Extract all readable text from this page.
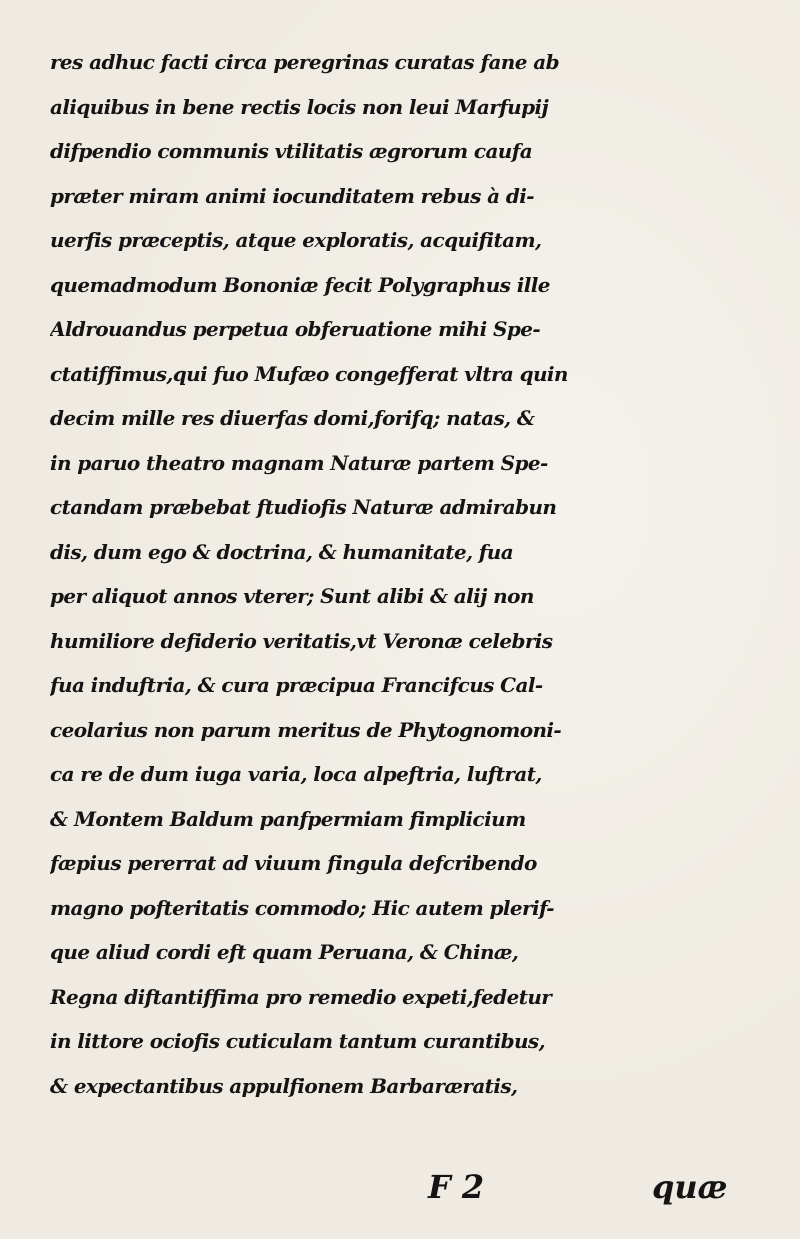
res adhuc facti circa peregrinas curatas fane ab
aliquibus in bene rectis locis non leui Marfupij
difpendio communis vtilitatis ægrorum caufa
præter miram animi iocunditatem rebus à di-
uerfis præceptis, atque exploratis, acquifitam,
quemadmodum Bononiæ fecit Polygraphus ille
Aldrouandus perpetua obferuatione mihi Spe-
ctatiffimus,qui fuo Mufæo congefferat vltra quin
decim mille res diuerfas domi,forifq; natas, &
in paruo theatro magnam Naturæ partem Spe-
ctandam præbebat ftudiofis Naturæ admirabun
dis, dum ego & doctrina, & humanitate, fua
per aliquot annos vterer; Sunt alibi & alij non
humiliore defiderio veritatis,vt Veronæ celebris
fua induftria, & cura præcipua Francifcus Cal-
ceolarius non parum meritus de Phytognomoni-
ca re de dum iuga varia, loca alpeftria, luftrat,
& Montem Baldum panfpermiam fimplicium
fæpius pererrat ad viuum fingula defcribendo
magno pofteritatis commodo; Hic autem plerif-
que aliud cordi eft quam Peruana, & Chinæ,
Regna diftantiffima pro remedio expeti,fedetur
in littore ociofis cuticulam tantum curantibus,
& expectantibus appulfionem Barbaræratis,
F 2	quæ
